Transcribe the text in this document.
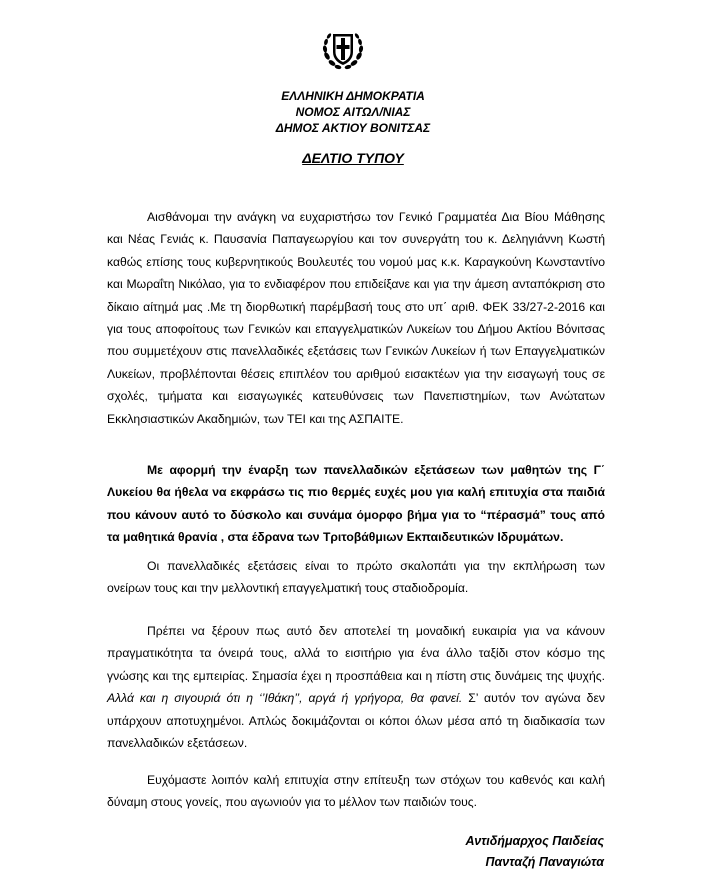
ΕΛΛΗΝΙΚΗ ΔΗΜΟΚΡΑΤΙΑ
ΝΟΜΟΣ ΑΙΤΩΛ/ΝΙΑΣ
ΔΗΜΟΣ ΑΚΤΙΟΥ ΒΟΝΙΤΣΑΣ
ΔΕΛΤΙΟ ΤΥΠΟΥ
Αισθάνομαι την ανάγκη να ευχαριστήσω τον Γενικό Γραμματέα Δια Βίου Μάθησης και Νέας Γενιάς κ. Παυσανία Παπαγεωργίου και τον συνεργάτη του κ. Δεληγιάννη Κωστή καθώς επίσης τους κυβερνητικούς Βουλευτές του νομού μας κ.κ. Καραγκούνη Κωνσταντίνο και Μωραΐτη Νικόλαο, για το ενδιαφέρον που επιδείξανε και για την άμεση ανταπόκριση στο δίκαιο αίτημά μας .Με τη διορθωτική παρέμβασή τους στο υπ΄ αριθ. ΦΕΚ 33/27-2-2016 και για τους αποφοίτους των Γενικών και επαγγελματικών Λυκείων του Δήμου Ακτίου Βόνιτσας που συμμετέχουν στις πανελλαδικές εξετάσεις των Γενικών Λυκείων ή των Επαγγελματικών Λυκείων, προβλέπονται θέσεις επιπλέον του αριθμού εισακτέων για την εισαγωγή τους σε σχολές, τμήματα και εισαγωγικές κατευθύνσεις των Πανεπιστημίων, των Ανώτατων Εκκλησιαστικών Ακαδημιών, των ΤΕΙ και της ΑΣΠΑΙΤΕ.
Με αφορμή την έναρξη των πανελλαδικών εξετάσεων των μαθητών της Γ΄ Λυκείου θα ήθελα να εκφράσω τις πιο θερμές ευχές μου για καλή επιτυχία στα παιδιά που κάνουν αυτό το δύσκολο και συνάμα όμορφο βήμα για το “πέρασμά” τους από τα μαθητικά θρανία , στα έδρανα των Τριτοβάθμιων Εκπαιδευτικών Ιδρυμάτων.
Οι πανελλαδικές εξετάσεις είναι το πρώτο σκαλοπάτι για την εκπλήρωση των ονείρων τους και την μελλοντική επαγγελματική τους σταδιοδρομία.
Πρέπει να ξέρουν πως αυτό δεν αποτελεί τη μοναδική ευκαιρία για να κάνουν πραγματικότητα τα όνειρά τους, αλλά το εισιτήριο για ένα άλλο ταξίδι στον κόσμο της γνώσης και της εμπειρίας. Σημασία έχει η προσπάθεια και η πίστη στις δυνάμεις της ψυχής. Αλλά και η σιγουριά ότι η ‘’Ιθάκη’’, αργά ή γρήγορα, θα φανεί. Σ’ αυτόν τον αγώνα δεν υπάρχουν αποτυχημένοι. Απλώς δοκιμάζονται οι κόποι όλων μέσα από τη διαδικασία των πανελλαδικών εξετάσεων.
Ευχόμαστε λοιπόν καλή επιτυχία στην επίτευξη των στόχων του καθενός και καλή δύναμη στους γονείς, που αγωνιούν για το μέλλον των παιδιών τους.
Αντιδήμαρχος Παιδείας
Πανταζή Παναγιώτα
